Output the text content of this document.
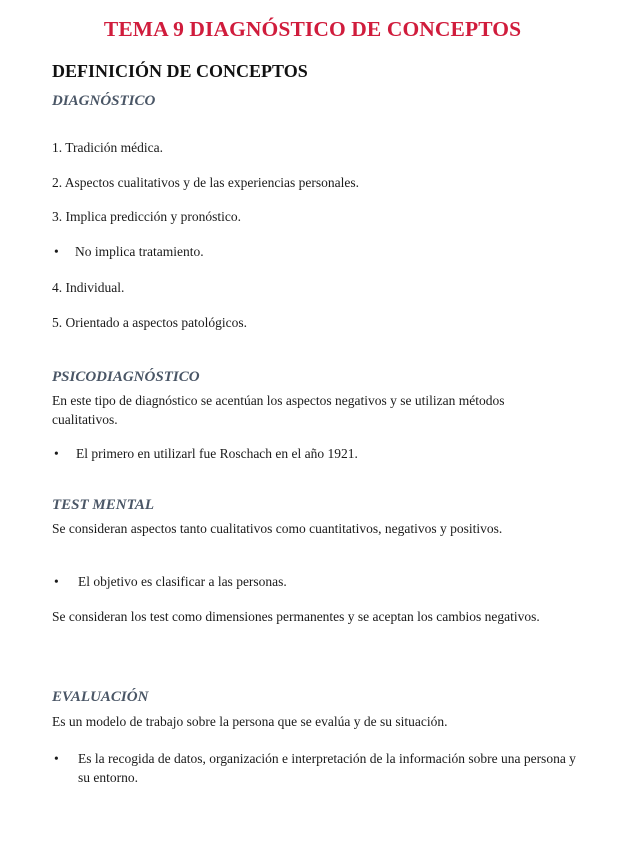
TEMA 9 DIAGNÓSTICO DE CONCEPTOS
DEFINICIÓN DE CONCEPTOS
DIAGNÓSTICO
1. Tradición médica.
2. Aspectos cualitativos y de las experiencias personales.
3. Implica predicción y pronóstico.
• No implica tratamiento.
4. Individual.
5. Orientado a aspectos patológicos.
PSICODIAGNÓSTICO
En este tipo de diagnóstico se acentúan los aspectos negativos y se utilizan métodos cualitativos.
• El primero en utilizarl fue Roschach en el año 1921.
TEST MENTAL
Se consideran aspectos tanto cualitativos como cuantitativos, negativos y positivos.
• El objetivo es clasificar a las personas.
Se consideran los test como dimensiones permanentes y se aceptan los cambios negativos.
EVALUACIÓN
Es un modelo de trabajo sobre la persona que se evalúa y de su situación.
• Es la recogida de datos, organización e interpretación de la información sobre una persona y su entorno.
